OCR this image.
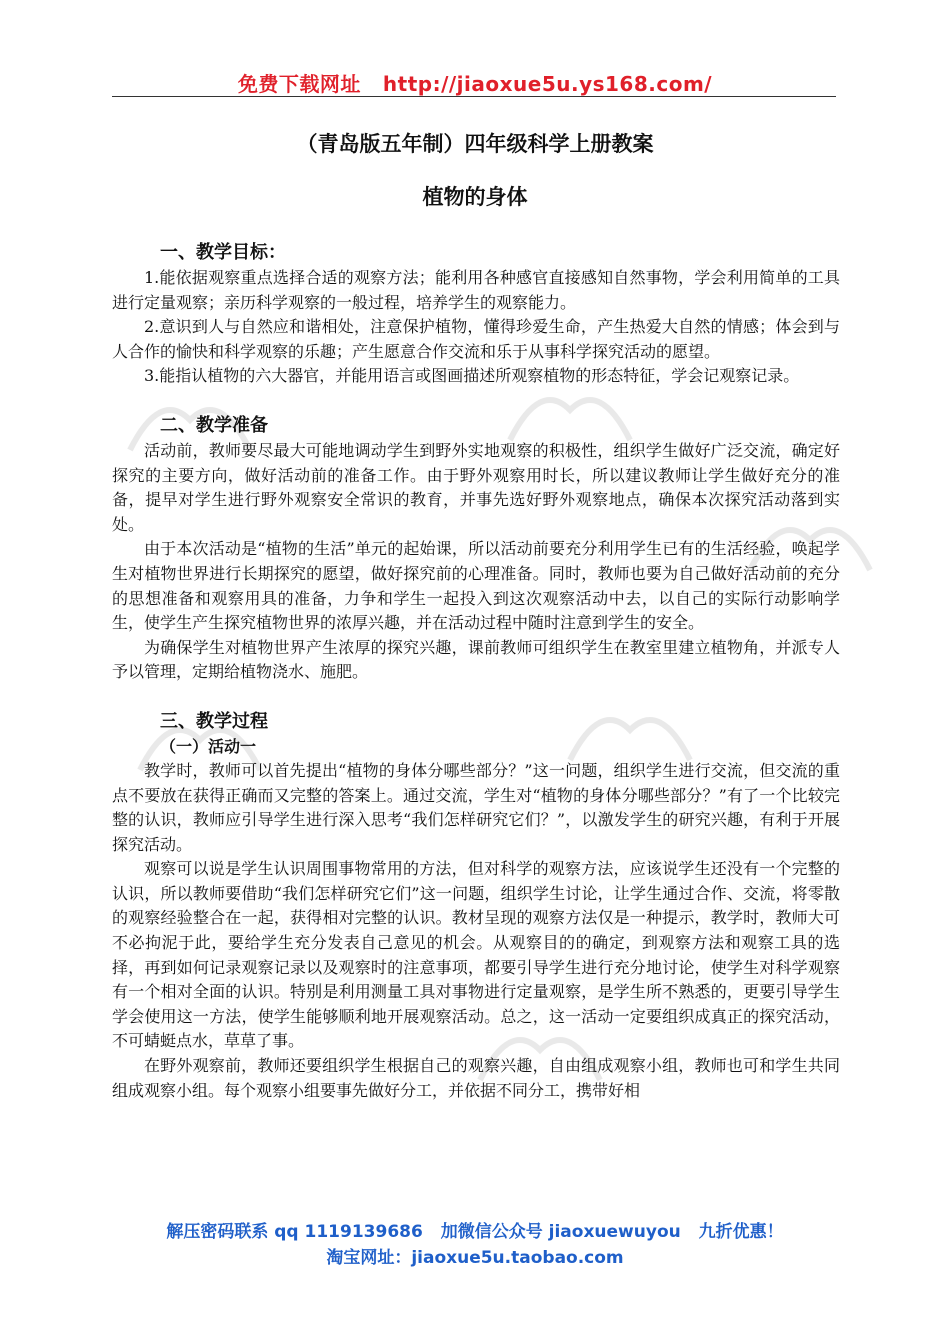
免费下载网址 http://jiaoxue5u.ys168.com/
（青岛版五年制）四年级科学上册教案
植物的身体
一、教学目标：

1.能依据观察重点选择合适的观察方法；能利用各种感官直接感知自然事物，学会利用简单的工具进行定量观察；亲历科学观察的一般过程，培养学生的观察能力。

2.意识到人与自然应和谐相处，注意保护植物，懂得珍爱生命，产生热爱大自然的情感；体会到与人合作的愉快和科学观察的乐趣；产生愿意合作交流和乐于从事科学探究活动的愿望。

3.能指认植物的六大器官，并能用语言或图画描述所观察植物的形态特征，学会记观察记录。

二、教学准备

活动前，教师要尽最大可能地调动学生到野外实地观察的积极性，组织学生做好广泛交流，确定好探究的主要方向，做好活动前的准备工作。由于野外观察用时长，所以建议教师让学生做好充分的准备，提早对学生进行野外观察安全常识的教育，并事先选好野外观察地点，确保本次探究活动落到实处。

由于本次活动是“植物的生活”单元的起始课，所以活动前要充分利用学生已有的生活经验，唤起学生对植物世界进行长期探究的愿望，做好探究前的心理准备。同时，教师也要为自己做好活动前的充分的思想准备和观察用具的准备，力争和学生一起投入到这次观察活动中去，以自己的实际行动影响学生，使学生产生探究植物世界的浓厚兴趣，并在活动过程中随时注意到学生的安全。

为确保学生对植物世界产生浓厚的探究兴趣，课前教师可组织学生在教室里建立植物角，并派专人予以管理，定期给植物浇水、施肥。

三、教学过程
（一）活动一

教学时，教师可以首先提出“植物的身体分哪些部分？”这一问题，组织学生进行交流，但交流的重点不要放在获得正确而又完整的答案上。通过交流，学生对“植物的身体分哪些部分？”有了一个比较完整的认识，教师应引导学生进行深入思考“我们怎样研究它们？”，以激发学生的研究兴趣，有利于开展探究活动。

观察可以说是学生认识周围事物常用的方法，但对科学的观察方法，应该说学生还没有一个完整的认识，所以教师要借助“我们怎样研究它们”这一问题，组织学生讨论，让学生通过合作、交流，将零散的观察经验整合在一起，获得相对完整的认识。教材呈现的观察方法仅是一种提示，教学时，教师大可不必拘泥于此，要给学生充分发表自己意见的机会。从观察目的的确定，到观察方法和观察工具的选择，再到如何记录观察记录以及观察时的注意事项，都要引导学生进行充分地讨论，使学生对科学观察有一个相对全面的认识。特别是利用测量工具对事物进行定量观察，是学生所不熟悉的，更要引导学生学会使用这一方法，使学生能够顺利地开展观察活动。总之，这一活动一定要组织成真正的探究活动，不可蜻蜓点水，草草了事。

在野外观察前，教师还要组织学生根据自己的观察兴趣，自由组成观察小组，教师也可和学生共同组成观察小组。每个观察小组要事先做好分工，并依据不同分工，携带好相

解压密码联系 qq 1119139686 加微信公众号 jiaoxuewuyou 九折优惠！
淘宝网址：jiaoxue5u.taobao.com
